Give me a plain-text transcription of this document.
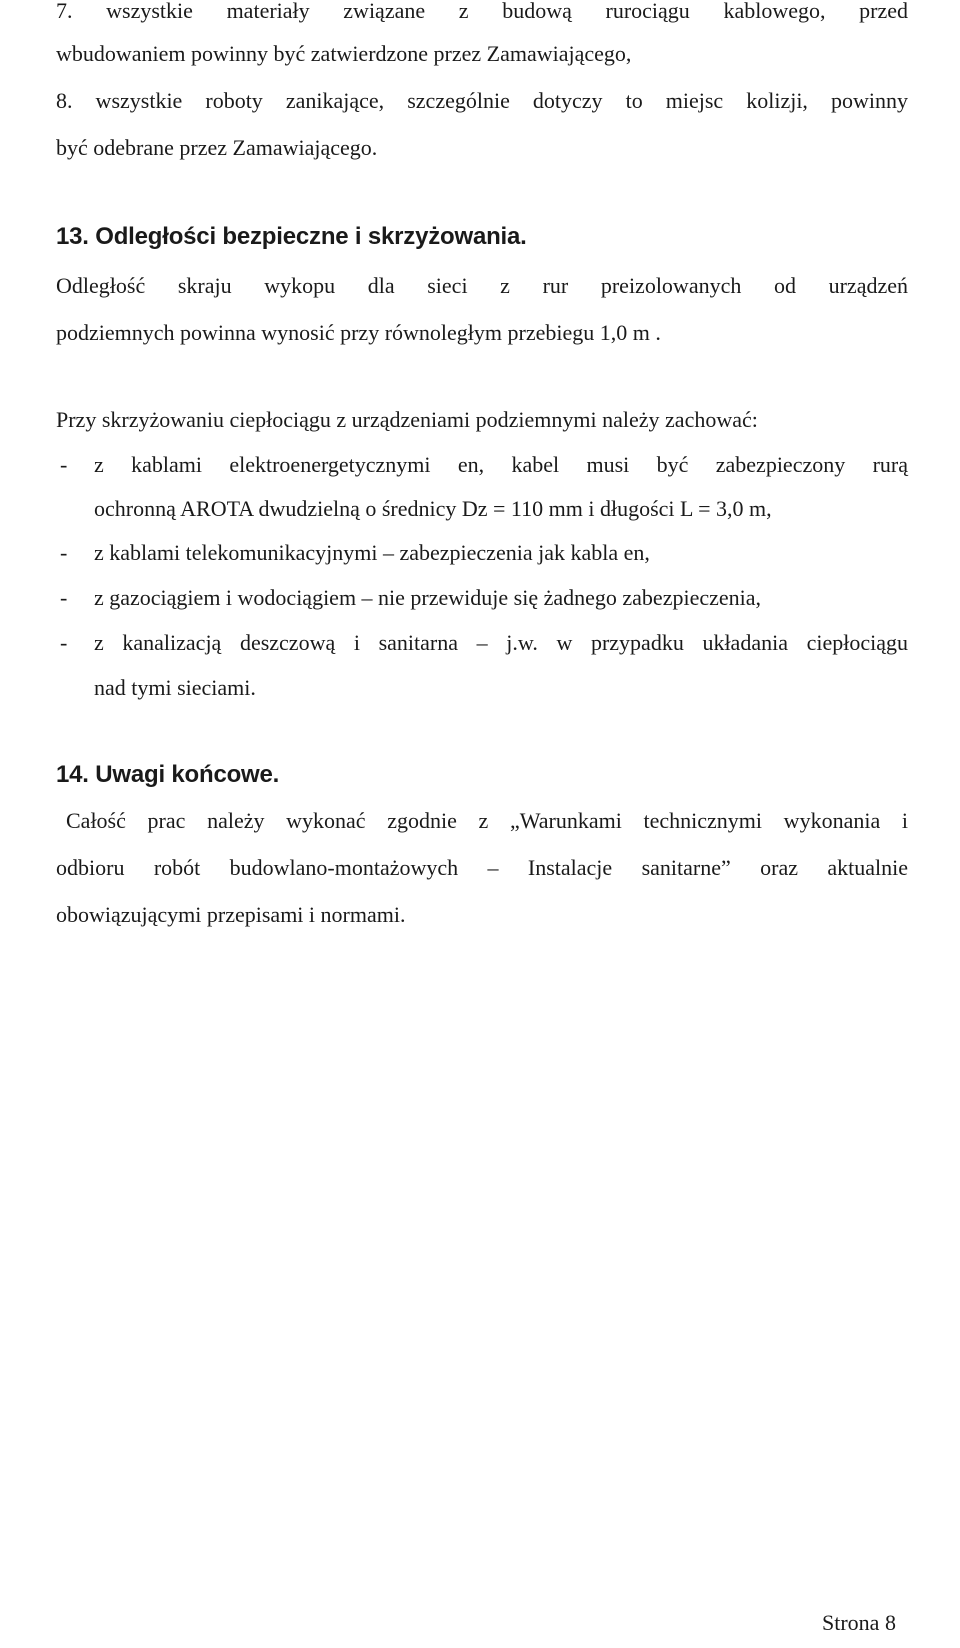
7. wszystkie materiały związane z budową rurociągu kablowego, przed
wbudowaniem powinny być zatwierdzone przez Zamawiającego,
8. wszystkie roboty zanikające, szczególnie dotyczy to miejsc kolizji, powinny
być odebrane przez Zamawiającego.
13. Odległości bezpieczne i skrzyżowania.
Odległość skraju wykopu dla sieci z rur preizolowanych od urządzeń
podziemnych powinna wynosić przy równoległym przebiegu 1,0 m .
Przy skrzyżowaniu ciepłociągu z urządzeniami podziemnymi należy zachować:
- z kablami elektroenergetycznymi en, kabel musi być zabezpieczony rurą
ochronną AROTA dwudzielną o średnicy Dz = 110 mm i długości L = 3,0 m,
- z kablami telekomunikacyjnymi – zabezpieczenia jak kabla en,
- z gazociągiem i wodociągiem – nie przewiduje się żadnego zabezpieczenia,
- z kanalizacją deszczową i sanitarna – j.w. w przypadku układania ciepłociągu
nad tymi sieciami.
14. Uwagi końcowe.
Całość prac należy wykonać zgodnie z „Warunkami technicznymi wykonania i
odbioru robót budowlano-montażowych – Instalacje sanitarne” oraz aktualnie
obowiązującymi przepisami i normami.
Strona 8
